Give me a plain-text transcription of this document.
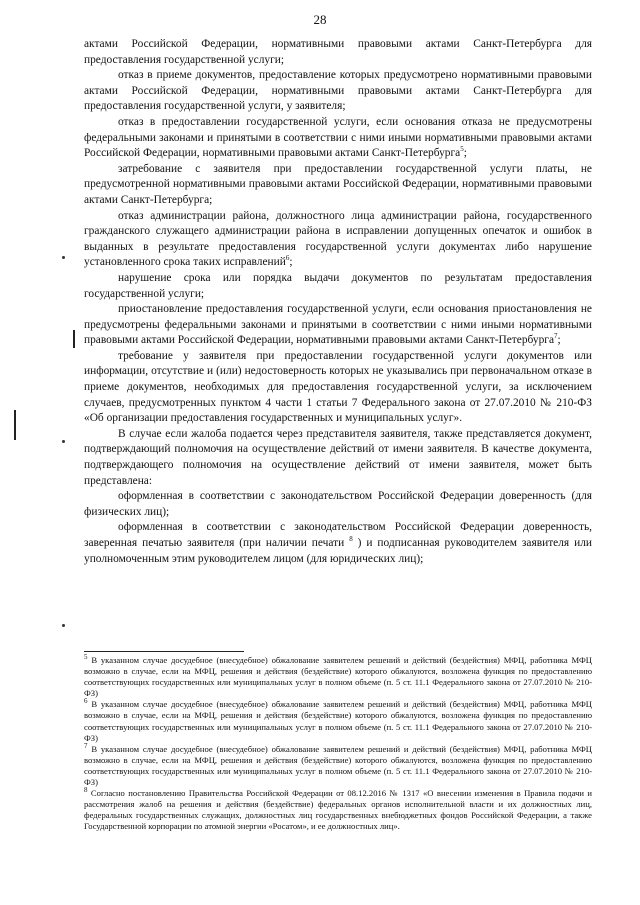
28

актами Российской Федерации, нормативными правовыми актами Санкт-Петербурга для предоставления государственной услуги;

отказ в приеме документов, предоставление которых предусмотрено нормативными правовыми актами Российской Федерации, нормативными правовыми актами Санкт-Петербурга для предоставления государственной услуги, у заявителя;

отказ в предоставлении государственной услуги, если основания отказа не предусмотрены федеральными законами и принятыми в соответствии с ними иными нормативными правовыми актами Российской Федерации, нормативными правовыми актами Санкт-Петербурга$^5$;

затребование с заявителя при предоставлении государственной услуги платы, не предусмотренной нормативными правовыми актами Российской Федерации, нормативными правовыми актами Санкт-Петербурга;

отказ администрации района, должностного лица администрации района, государственного гражданского служащего администрации района в исправлении допущенных опечаток и ошибок в выданных в результате предоставления государственной услуги документах либо нарушение установленного срока таких исправлений$^6$;

нарушение срока или порядка выдачи документов по результатам предоставления государственной услуги;

приостановление предоставления государственной услуги, если основания приостановления не предусмотрены федеральными законами и принятыми в соответствии с ними иными нормативными правовыми актами Российской Федерации, нормативными правовыми актами Санкт-Петербурга$^7$;

требование у заявителя при предоставлении государственной услуги документов или информации, отсутствие и (или) недостоверность которых не указывались при первоначальном отказе в приеме документов, необходимых для предоставления государственной услуги, за исключением случаев, предусмотренных пунктом 4 части 1 статьи 7 Федерального закона от 27.07.2010 № 210-ФЗ «Об организации предоставления государственных и муниципальных услуг».

В случае если жалоба подается через представителя заявителя, также представляется документ, подтверждающий полномочия на осуществление действий от имени заявителя. В качестве документа, подтверждающего полномочия на осуществление действий от имени заявителя, может быть представлена:

оформленная в соответствии с законодательством Российской Федерации доверенность (для физических лиц);

оформленная в соответствии с законодательством Российской Федерации доверенность, заверенная печатью заявителя (при наличии печати $^8$ ) и подписанная руководителем заявителя или уполномоченным этим руководителем лицом (для юридических лиц);

$^5$ В указанном случае досудебное (внесудебное) обжалование заявителем решений и действий (бездействия) МФЦ, работника МФЦ возможно в случае, если на МФЦ, решения и действия (бездействие) которого обжалуются, возложена функция по предоставлению соответствующих государственных или муниципальных услуг в полном объеме (п. 5 ст. 11.1 Федерального закона от 27.07.2010 № 210-ФЗ)

$^6$ В указанном случае досудебное (внесудебное) обжалование заявителем решений и действий (бездействия) МФЦ, работника МФЦ возможно в случае, если на МФЦ, решения и действия (бездействие) которого обжалуются, возложена функция по предоставлению соответствующих государственных или муниципальных услуг в полном объеме (п. 5 ст. 11.1 Федерального закона от 27.07.2010 № 210-ФЗ)

$^7$ В указанном случае досудебное (внесудебное) обжалование заявителем решений и действий (бездействия) МФЦ, работника МФЦ возможно в случае, если на МФЦ, решения и действия (бездействие) которого обжалуются, возложена функция по предоставлению соответствующих государственных или муниципальных услуг в полном объеме (п. 5 ст. 11.1 Федерального закона от 27.07.2010 № 210-ФЗ)

$^8$ Согласно постановлению Правительства Российской Федерации от 08.12.2016 № 1317 «О внесении изменения в Правила подачи и рассмотрения жалоб на решения и действия (бездействие) федеральных органов исполнительной власти и их должностных лиц, федеральных государственных служащих, должностных лиц государственных внебюджетных фондов Российской Федерации, а также Государственной корпорации по атомной энергии «Росатом», и ее должностных лиц».
